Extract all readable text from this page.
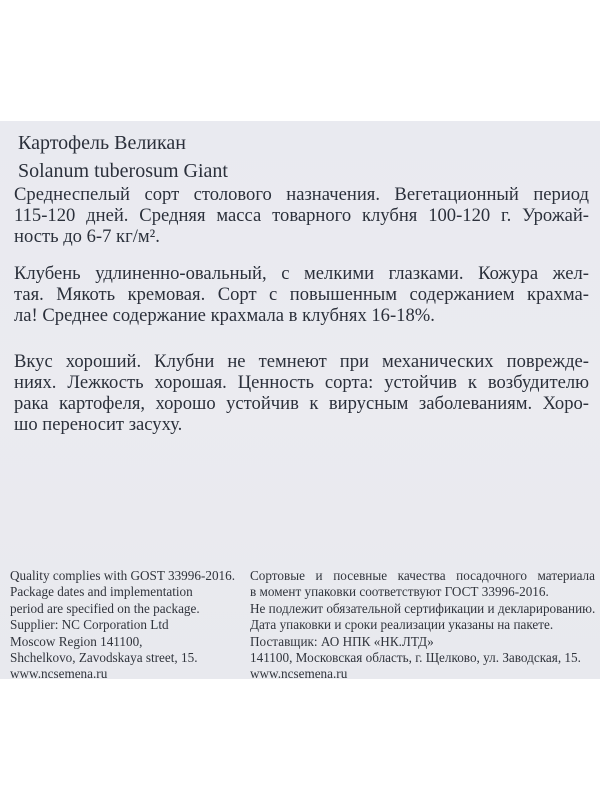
Картофель Великан
Solanum tuberosum Giant
Среднеспелый сорт столового назначения. Вегетационный период
115-120 дней. Средняя масса товарного клубня 100-120 г. Урожай-
ность до 6-7 кг/м².
Клубень удлиненно-овальный, с мелкими глазками. Кожура жел-
тая. Мякоть кремовая. Сорт с повышенным содержанием крахма-
ла! Среднее содержание крахмала в клубнях 16-18%.
Вкус хороший. Клубни не темнеют при механических поврежде-
ниях. Лежкость хорошая. Ценность сорта: устойчив к возбудителю
рака картофеля, хорошо устойчив к вирусным заболеваниям. Хоро-
шо переносит засуху.
Quality complies with GOST 33996-2016.
Package dates and implementation
period are specified on the package.
Supplier: NC Corporation Ltd
Moscow Region 141100,
Shchelkovo, Zavodskaya street, 15.
www.ncsemena.ru
Сортовые и посевные качества посадочного материала
в момент упаковки соответствуют ГОСТ 33996-2016.
Не подлежит обязательной сертификации и декларированию.
Дата упаковки и сроки реализации указаны на пакете.
Поставщик: АО НПК «НК.ЛТД»
141100, Московская область, г. Щелково, ул. Заводская, 15.
www.ncsemena.ru
